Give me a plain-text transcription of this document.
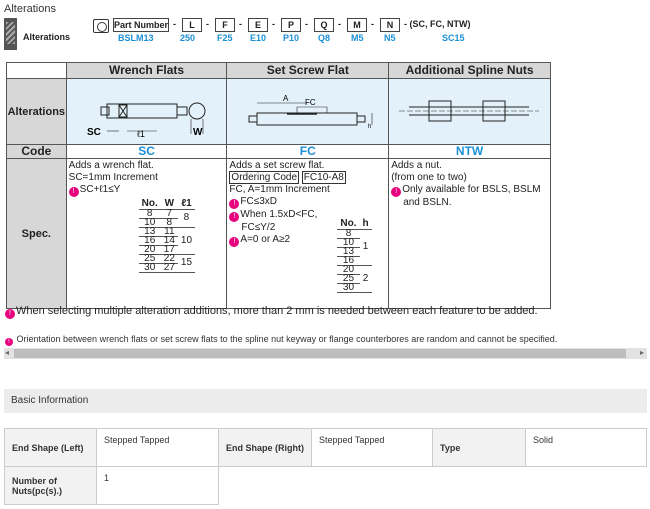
Alterations
Alterations
Part Number -	L	-	F	-	E	-	P	-	Q	-	M	-	N	- (SC, FC, NTW)
BSLM13	250 F25 E10 P10 Q8 M5 N5	SC15
	Wrench Flats	Set Screw Flat	Additional Spline Nuts
Alterations	
SC	ℓ1	W

A FC
h

Code	SC	FC	NTW
Spec.	
Adds a wrench flat.
SC=1mm Increment
! SC+ℓ1≤Y
No.	W	ℓ1
8	7	8
10	8
13	11	10
16	14
20	17
25	22	15
30	27

Adds a set screw flat.
Ordering Code FC10-A8
FC, A=1mm Increment
! FC≤3xD
! When 1.5xD<FC,
FC≤Y/2
! A=0 or A≥2
No.	h
8	1
10
13
16
20	2
25
30

Adds a nut.
(from one to two)
! Only available for BSLS, BSLM
and BSLN.
! When selecting multiple alteration additions, more than 2 mm is needed between each feature to be added.
! Orientation between wrench flats or set screw flats to the spline nut keyway or flange counterbores are random and cannot be specified.
◂	▸
Basic Information
End Shape (Left)	Stepped Tapped	End Shape (Right)	Stepped Tapped	Type	Solid
Number of Nuts(pc(s).)	1				
